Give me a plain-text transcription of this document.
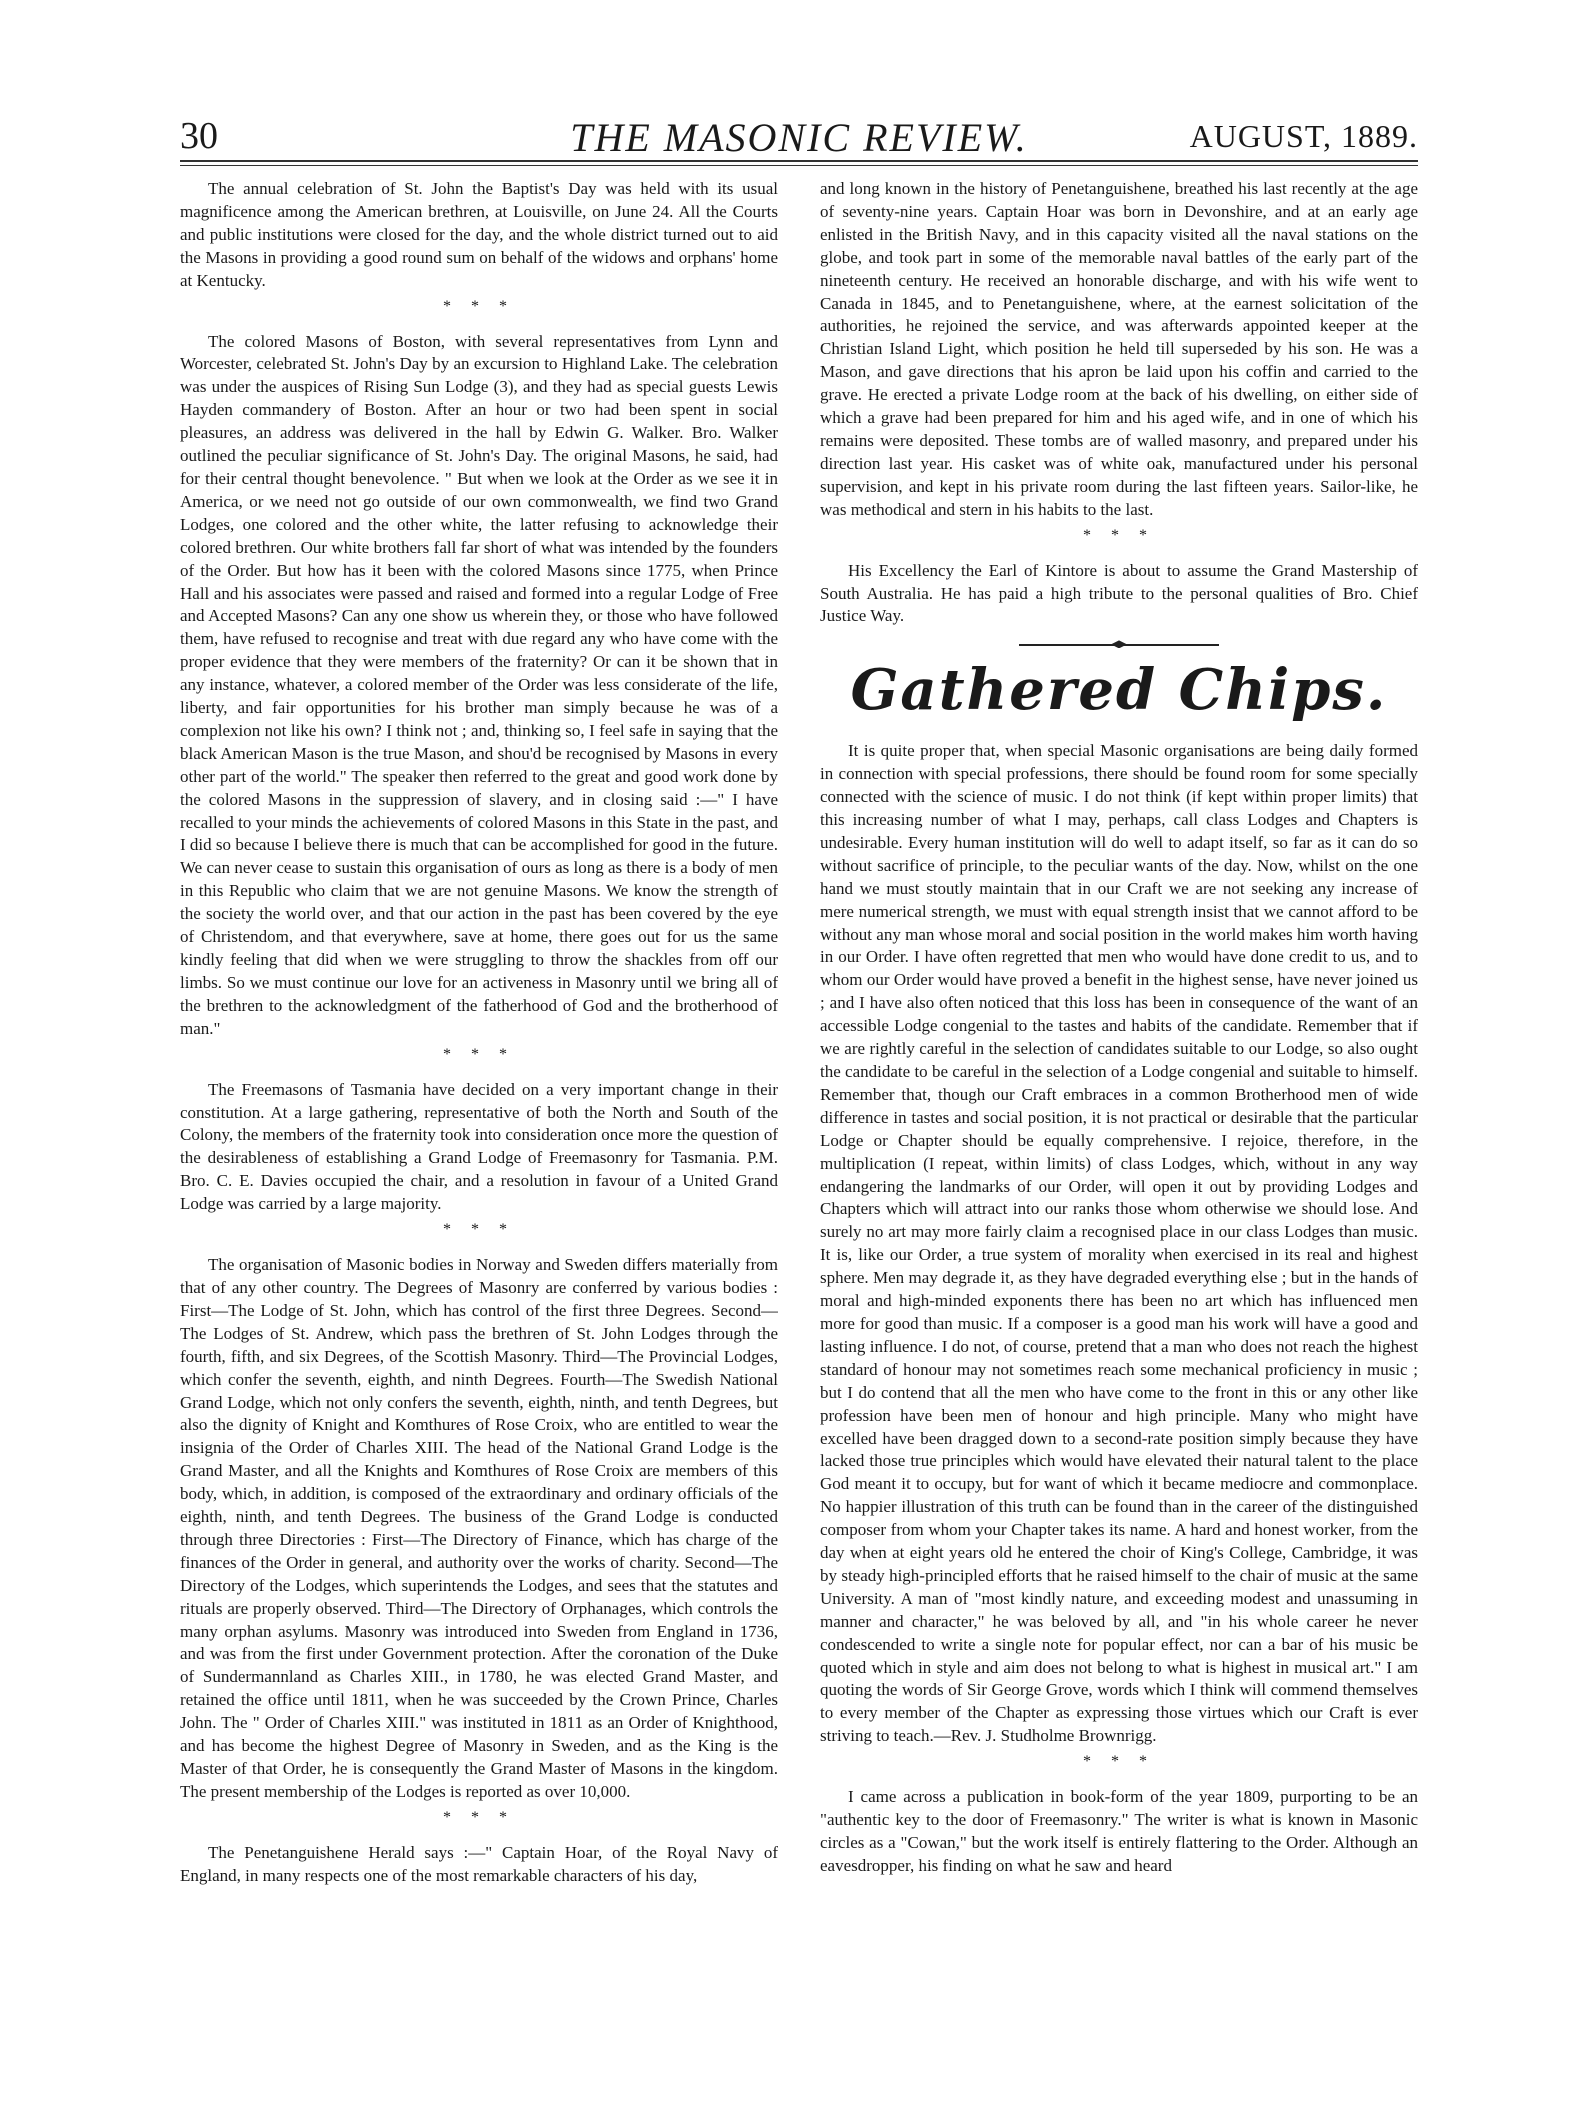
30	THE MASONIC REVIEW.	AUGUST, 1889.

The annual celebration of St. John the Baptist's Day was held with its usual magnificence among the American brethren, at Louisville, on June 24. All the Courts and public institutions were closed for the day, and the whole district turned out to aid the Masons in providing a good round sum on behalf of the widows and orphans' home at Kentucky.

* * *

The colored Masons of Boston, with several representatives from Lynn and Worcester, celebrated St. John's Day by an excursion to Highland Lake. The celebration was under the auspices of Rising Sun Lodge (3), and they had as special guests Lewis Hayden commandery of Boston. After an hour or two had been spent in social pleasures, an address was delivered in the hall by Edwin G. Walker. Bro. Walker outlined the peculiar significance of St. John's Day. The original Masons, he said, had for their central thought benevolence. " But when we look at the Order as we see it in America, or we need not go outside of our own commonwealth, we find two Grand Lodges, one colored and the other white, the latter refusing to acknowledge their colored brethren. Our white brothers fall far short of what was intended by the founders of the Order. But how has it been with the colored Masons since 1775, when Prince Hall and his associates were passed and raised and formed into a regular Lodge of Free and Accepted Masons? Can any one show us wherein they, or those who have followed them, have refused to recognise and treat with due regard any who have come with the proper evidence that they were members of the fraternity? Or can it be shown that in any instance, whatever, a colored member of the Order was less considerate of the life, liberty, and fair opportunities for his brother man simply because he was of a complexion not like his own? I think not ; and, thinking so, I feel safe in saying that the black American Mason is the true Mason, and shou'd be recognised by Masons in every other part of the world." The speaker then referred to the great and good work done by the colored Masons in the suppression of slavery, and in closing said :—" I have recalled to your minds the achievements of colored Masons in this State in the past, and I did so because I believe there is much that can be accomplished for good in the future. We can never cease to sustain this organisation of ours as long as there is a body of men in this Republic who claim that we are not genuine Masons. We know the strength of the society the world over, and that our action in the past has been covered by the eye of Christendom, and that everywhere, save at home, there goes out for us the same kindly feeling that did when we were struggling to throw the shackles from off our limbs. So we must continue our love for an activeness in Masonry until we bring all of the brethren to the acknowledgment of the fatherhood of God and the brotherhood of man."

* * *

The Freemasons of Tasmania have decided on a very important change in their constitution. At a large gathering, representative of both the North and South of the Colony, the members of the fraternity took into consideration once more the question of the desirableness of establishing a Grand Lodge of Freemasonry for Tasmania. P.M. Bro. C. E. Davies occupied the chair, and a resolution in favour of a United Grand Lodge was carried by a large majority.

* * *

The organisation of Masonic bodies in Norway and Sweden differs materially from that of any other country. The Degrees of Masonry are conferred by various bodies : First—The Lodge of St. John, which has control of the first three Degrees. Second—The Lodges of St. Andrew, which pass the brethren of St. John Lodges through the fourth, fifth, and six Degrees, of the Scottish Masonry. Third—The Provincial Lodges, which confer the seventh, eighth, and ninth Degrees. Fourth—The Swedish National Grand Lodge, which not only confers the seventh, eighth, ninth, and tenth Degrees, but also the dignity of Knight and Komthures of Rose Croix, who are entitled to wear the insignia of the Order of Charles XIII. The head of the National Grand Lodge is the Grand Master, and all the Knights and Komthures of Rose Croix are members of this body, which, in addition, is composed of the extraordinary and ordinary officials of the eighth, ninth, and tenth Degrees. The business of the Grand Lodge is conducted through three Directories : First—The Directory of Finance, which has charge of the finances of the Order in general, and authority over the works of charity. Second—The Directory of the Lodges, which superintends the Lodges, and sees that the statutes and rituals are properly observed. Third—The Directory of Orphanages, which controls the many orphan asylums. Masonry was introduced into Sweden from England in 1736, and was from the first under Government protection. After the coronation of the Duke of Sundermannland as Charles XIII., in 1780, he was elected Grand Master, and retained the office until 1811, when he was succeeded by the Crown Prince, Charles John. The " Order of Charles XIII." was instituted in 1811 as an Order of Knighthood, and has become the highest Degree of Masonry in Sweden, and as the King is the Master of that Order, he is consequently the Grand Master of Masons in the kingdom. The present membership of the Lodges is reported as over 10,000.

* * *

The Penetanguishene Herald says :—" Captain Hoar, of the Royal Navy of England, in many respects one of the most remarkable characters of his day,

and long known in the history of Penetanguishene, breathed his last recently at the age of seventy-nine years. Captain Hoar was born in Devonshire, and at an early age enlisted in the British Navy, and in this capacity visited all the naval stations on the globe, and took part in some of the memorable naval battles of the early part of the nineteenth century. He received an honorable discharge, and with his wife went to Canada in 1845, and to Penetanguishene, where, at the earnest solicitation of the authorities, he rejoined the service, and was afterwards appointed keeper at the Christian Island Light, which position he held till superseded by his son. He was a Mason, and gave directions that his apron be laid upon his coffin and carried to the grave. He erected a private Lodge room at the back of his dwelling, on either side of which a grave had been prepared for him and his aged wife, and in one of which his remains were deposited. These tombs are of walled masonry, and prepared under his direction last year. His casket was of white oak, manufactured under his personal supervision, and kept in his private room during the last fifteen years. Sailor-like, he was methodical and stern in his habits to the last.

* * *

His Excellency the Earl of Kintore is about to assume the Grand Mastership of South Australia. He has paid a high tribute to the personal qualities of Bro. Chief Justice Way.

Gathered Chips.

It is quite proper that, when special Masonic organisations are being daily formed in connection with special professions, there should be found room for some specially connected with the science of music. I do not think (if kept within proper limits) that this increasing number of what I may, perhaps, call class Lodges and Chapters is undesirable. Every human institution will do well to adapt itself, so far as it can do so without sacrifice of principle, to the peculiar wants of the day. Now, whilst on the one hand we must stoutly maintain that in our Craft we are not seeking any increase of mere numerical strength, we must with equal strength insist that we cannot afford to be without any man whose moral and social position in the world makes him worth having in our Order. I have often regretted that men who would have done credit to us, and to whom our Order would have proved a benefit in the highest sense, have never joined us ; and I have also often noticed that this loss has been in consequence of the want of an accessible Lodge congenial to the tastes and habits of the candidate. Remember that if we are rightly careful in the selection of candidates suitable to our Lodge, so also ought the candidate to be careful in the selection of a Lodge congenial and suitable to himself. Remember that, though our Craft embraces in a common Brotherhood men of wide difference in tastes and social position, it is not practical or desirable that the particular Lodge or Chapter should be equally comprehensive. I rejoice, therefore, in the multiplication (I repeat, within limits) of class Lodges, which, without in any way endangering the landmarks of our Order, will open it out by providing Lodges and Chapters which will attract into our ranks those whom otherwise we should lose. And surely no art may more fairly claim a recognised place in our class Lodges than music. It is, like our Order, a true system of morality when exercised in its real and highest sphere. Men may degrade it, as they have degraded everything else ; but in the hands of moral and high-minded exponents there has been no art which has influenced men more for good than music. If a composer is a good man his work will have a good and lasting influence. I do not, of course, pretend that a man who does not reach the highest standard of honour may not sometimes reach some mechanical proficiency in music ; but I do contend that all the men who have come to the front in this or any other like profession have been men of honour and high principle. Many who might have excelled have been dragged down to a second-rate position simply because they have lacked those true principles which would have elevated their natural talent to the place God meant it to occupy, but for want of which it became mediocre and commonplace. No happier illustration of this truth can be found than in the career of the distinguished composer from whom your Chapter takes its name. A hard and honest worker, from the day when at eight years old he entered the choir of King's College, Cambridge, it was by steady high-principled efforts that he raised himself to the chair of music at the same University. A man of "most kindly nature, and exceeding modest and unassuming in manner and character," he was beloved by all, and "in his whole career he never condescended to write a single note for popular effect, nor can a bar of his music be quoted which in style and aim does not belong to what is highest in musical art." I am quoting the words of Sir George Grove, words which I think will commend themselves to every member of the Chapter as expressing those virtues which our Craft is ever striving to teach.—Rev. J. Studholme Brownrigg.

* * *

I came across a publication in book-form of the year 1809, purporting to be an "authentic key to the door of Freemasonry." The writer is what is known in Masonic circles as a "Cowan," but the work itself is entirely flattering to the Order. Although an eavesdropper, his finding on what he saw and heard
